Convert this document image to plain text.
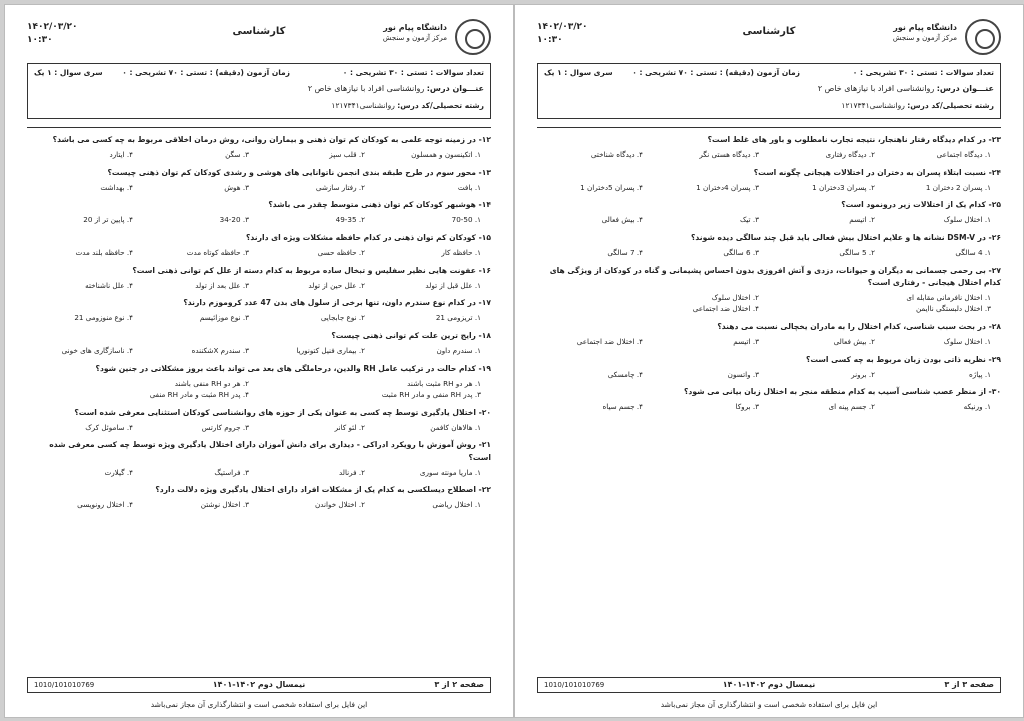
دانشگاه پیام نور
مرکز آزمون و سنجش
کارشناسی
۱۴۰۲/۰۳/۲۰
۱۰:۳۰
تعداد سوالات : تستی : ۳۰ تشریحی : ۰
زمان آزمون (دقیقه) : تستی : ۷۰ تشریحی : ۰
سری سوال : ۱ یک
عنـــوان درس: روانشناسی افراد با نیازهای خاص ۲
رشته تحصیلی/کد درس: روانشناسی۱۲۱۷۳۴۱
۱۲- در زمینه توجه علمی به کودکان کم توان ذهنی و بیماران روانی، روش درمان اخلاقی مربوط به چه کسی می باشد؟
۱. اتکینسون و همسلون
۲. قلب سپز
۳. سگن
۴. ایتارد
۱۳- محور سوم در طرح طبقه بندی انجمن ناتوانایی های هوشی و رشدی کودکان کم توان ذهنی چیست؟
۱. بافت
۲. رفتار سازشی
۳. هوش
۴. بهداشت
۱۴- هوشبهر کودکان کم توان ذهنی متوسط چقدر می باشد؟
۱. 70-50
۲. 49-35
۳. 34-20
۴. پایین تر از 20
۱۵- کودکان کم توان ذهنی در کدام حافظه مشکلات ویژه ای دارند؟
۱. حافظه کار
۲. حافظه حسی
۳. حافظه کوتاه مدت
۴. حافظه بلند مدت
۱۶- عفونت هایی نظیر سفلیس و تبخال ساده مربوط به کدام دسته از علل کم توانی ذهنی است؟
۱. علل قبل از تولد
۲. علل حین از تولد
۳. علل بعد از تولد
۴. علل ناشناخته
۱۷- در کدام نوع سندرم داون، تنها برخی از سلول های بدن 47 عدد کروموزم دارند؟
۱. تریزومی 21
۲. نوع جابجایی
۳. نوع موزائیسم
۴. نوع منوزومی 21
۱۸- رایج ترین علت کم توانی ذهنی چیست؟
۱. سندرم داون
۲. بیماری فنیل کتونوریا
۳. سندرم Xشکننده
۴. ناسازگاری های خونی
۱۹- کدام حالت در ترکیب عامل RH والدین، درحاملگی های بعد می تواند باعث بروز مشکلاتی در جنین شود؟
۱. هر دو RH مثبت باشند
۲. هر دو RH منفی باشند
۳. پدر RH منفی و مادر RH مثبت
۴. پدر RH مثبت و مادر RH منفی
۲۰- اختلال یادگیری توسط چه کسی به عنوان یکی از حوزه های روانشناسی کودکان استثنایی معرفی شده است؟
۱. هالاهان کافمن
۲. لئو کانر
۳. جروم کارتس
۴. ساموئل کرک
۲۱- روش آموزش با رویکرد ادراکی - دیداری برای دانش آموزان دارای اختلال یادگیری ویژه توسط چه کسی معرفی شده است؟
۱. ماریا مونته سوری
۲. فرنالد
۳. فراستیگ
۴. گیلارت
۲۲- اصطلاح دیسلکسی به کدام یک از مشکلات افراد دارای اختلال یادگیری ویژه دلالت دارد؟
۱. اختلال ریاضی
۲. اختلال خواندن
۳. اختلال نوشتن
۴. اختلال رونویسی
صفحه ۲ از ۳
نیمسال دوم ۱۴۰۲-۱۴۰۱
1010/101010769
این فایل برای استفاده شخصی است و انتشارگذاری آن مجاز نمی‌باشد
دانشگاه پیام نور
مرکز آزمون و سنجش
کارشناسی
۱۴۰۲/۰۳/۲۰
۱۰:۳۰
تعداد سوالات : تستی : ۳۰ تشریحی : ۰
زمان آزمون (دقیقه) : تستی : ۷۰ تشریحی : ۰
سری سوال : ۱ یک
عنـــوان درس: روانشناسی افراد با نیازهای خاص ۲
رشته تحصیلی/کد درس: روانشناسی۱۲۱۷۳۴۱
۲۳- در کدام دیدگاه رفتار ناهنجار، نتیجه تجارب نامطلوب و باور های غلط است؟
۱. دیدگاه اجتماعی
۲. دیدگاه رفتاری
۳. دیدگاه هستی نگر
۴. دیدگاه شناختی
۲۴- نسبت ابتلاء پسران به دختران در اختلالات هیجانی چگونه است؟
۱. پسران 2 دختران 1
۲. پسران 3دختران 1
۳. پسران 4دختران 1
۴. پسران 5دختران 1
۲۵- کدام یک از اختلالات زیر درونمود است؟
۱. اختلال سلوک
۲. اتیسم
۳. تیک
۴. بیش فعالی
۲۶- در DSM-V نشانه ها و علایم اختلال بیش فعالی باید قبل چند سالگی دیده شوند؟
۱. 4 سالگی
۲. 5 سالگی
۳. 6 سالگی
۴. 7 سالگی
۲۷- بی رحمی جسمانی به دیگران و حیوانات، دزدی و آتش افروزی بدون احساس پشیمانی و گناه در کودکان از ویژگی های کدام اختلال هیجانی - رفتاری است؟
۱. اختلال نافرمانی مقابله ای
۲. اختلال سلوک
۳. اختلال دلبستگی ناایمن
۴. اختلال ضد اجتماعی
۲۸- در بحث سبب شناسی، کدام اختلال را به مادران یخچالی نسبت می دهند؟
۱. اختلال سلوک
۲. بیش فعالی
۳. اتیسم
۴. اختلال ضد اجتماعی
۲۹- نظریه ذاتی بودن زبان مربوط به چه کسی است؟
۱. پیاژه
۲. برونر
۳. واتسون
۴. چامسکی
۳۰- از منظر عصب شناسی آسیب به کدام منطقه منجر به اختلال زبان بیانی می شود؟
۱. ورنیکه
۲. جسم پینه ای
۳. بروکا
۴. جسم سیاه
صفحه ۳ از ۳
نیمسال دوم ۱۴۰۲-۱۴۰۱
1010/101010769
این فایل برای استفاده شخصی است و انتشارگذاری آن مجاز نمی‌باشد
